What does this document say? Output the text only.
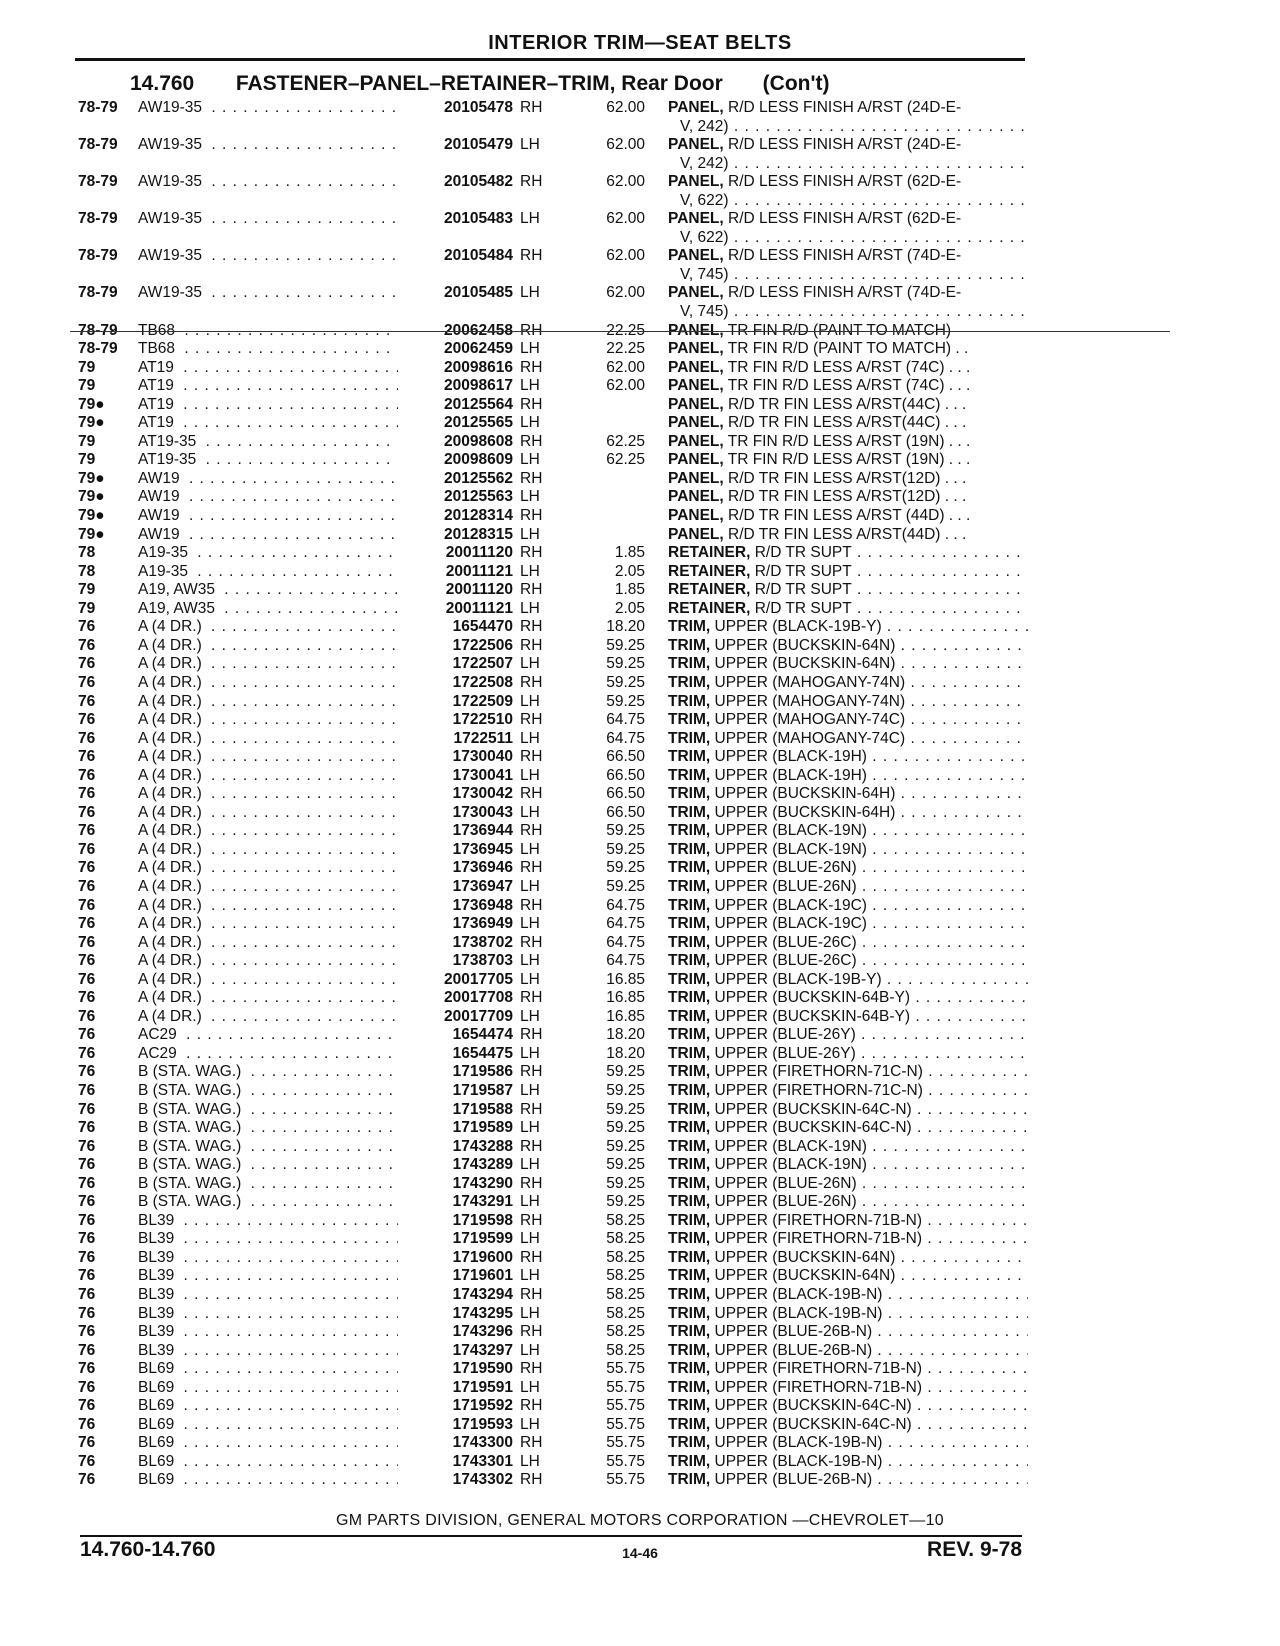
INTERIOR TRIM—SEAT BELTS
14.760 FASTENER–PANEL–RETAINER–TRIM, Rear Door (Con't)
78-79	AW19-35 . . .	20105478 RH	62.00 PANEL, R/D LESS FINISH A/RST (24D-E-
V, 242) . . .
78-79	AW19-35 . . .	20105479 LH	62.00 PANEL, R/D LESS FINISH A/RST (24D-E-
V, 242) . . .
78-79	AW19-35 . . .	20105482 RH	62.00 PANEL, R/D LESS FINISH A/RST (62D-E-
V, 622) . . .
78-79	AW19-35 . . .	20105483 LH	62.00 PANEL, R/D LESS FINISH A/RST (62D-E-
V, 622) . . .
78-79	AW19-35 . . .	20105484 RH	62.00 PANEL, R/D LESS FINISH A/RST (74D-E-
V, 745) . . .
78-79	AW19-35 . . .	20105485 LH	62.00 PANEL, R/D LESS FINISH A/RST (74D-E-
V, 745) . . .
78-79	TB68 . . .	20062458 RH	22.25 PANEL, TR FIN R/D (PAINT TO MATCH)
78-79	TB68 . . .	20062459 LH	22.25 PANEL, TR FIN R/D (PAINT TO MATCH) . .
79	AT19 . . .	20098616 RH	62.00 PANEL, TR FIN R/D LESS A/RST (74C) . . .
79	AT19 . . .	20098617 LH	62.00 PANEL, TR FIN R/D LESS A/RST (74C) . . .
79●	AT19 . . .	20125564 RH	PANEL, R/D TR FIN LESS A/RST(44C) . . .
79●	AT19 . . .	20125565 LH	PANEL, R/D TR FIN LESS A/RST(44C) . . .
79	AT19-35 . . .	20098608 RH	62.25 PANEL, TR FIN R/D LESS A/RST (19N) . . .
79	AT19-35 . . .	20098609 LH	62.25 PANEL, TR FIN R/D LESS A/RST (19N) . . .
79●	AW19 . . .	20125562 RH	PANEL, R/D TR FIN LESS A/RST(12D) . . .
79●	AW19 . . .	20125563 LH	PANEL, R/D TR FIN LESS A/RST(12D) . . .
79●	AW19 . . .	20128314 RH	PANEL, R/D TR FIN LESS A/RST (44D) . . .
79●	AW19 . . .	20128315 LH	PANEL, R/D TR FIN LESS A/RST(44D) . . .
78	A19-35 . . .	20011120 RH	1.85 RETAINER, R/D TR SUPT . . .
78	A19-35 . . .	20011121 LH	2.05 RETAINER, R/D TR SUPT . . .
79	A19, AW35 . . .	20011120 RH	1.85 RETAINER, R/D TR SUPT . . .
79	A19, AW35 . . .	20011121 LH	2.05 RETAINER, R/D TR SUPT . . .
76	A (4 DR.) . . .	1654470 RH	18.20 TRIM, UPPER (BLACK-19B-Y) . . .
76	A (4 DR.) . . .	1722506 RH	59.25 TRIM, UPPER (BUCKSKIN-64N) . . .
76	A (4 DR.) . . .	1722507 LH	59.25 TRIM, UPPER (BUCKSKIN-64N) . . .
76	A (4 DR.) . . .	1722508 RH	59.25 TRIM, UPPER (MAHOGANY-74N) . . .
76	A (4 DR.) . . .	1722509 LH	59.25 TRIM, UPPER (MAHOGANY-74N) . . .
76	A (4 DR.) . . .	1722510 RH	64.75 TRIM, UPPER (MAHOGANY-74C) . . .
76	A (4 DR.) . . .	1722511 LH	64.75 TRIM, UPPER (MAHOGANY-74C) . . .
76	A (4 DR.) . . .	1730040 RH	66.50 TRIM, UPPER (BLACK-19H) . . .
76	A (4 DR.) . . .	1730041 LH	66.50 TRIM, UPPER (BLACK-19H) . . .
76	A (4 DR.) . . .	1730042 RH	66.50 TRIM, UPPER (BUCKSKIN-64H) . . .
76	A (4 DR.) . . .	1730043 LH	66.50 TRIM, UPPER (BUCKSKIN-64H) . . .
76	A (4 DR.) . . .	1736944 RH	59.25 TRIM, UPPER (BLACK-19N) . . .
76	A (4 DR.) . . .	1736945 LH	59.25 TRIM, UPPER (BLACK-19N) . . .
76	A (4 DR.) . . .	1736946 RH	59.25 TRIM, UPPER (BLUE-26N) . . .
76	A (4 DR.) . . .	1736947 LH	59.25 TRIM, UPPER (BLUE-26N) . . .
76	A (4 DR.) . . .	1736948 RH	64.75 TRIM, UPPER (BLACK-19C) . . .
76	A (4 DR.) . . .	1736949 LH	64.75 TRIM, UPPER (BLACK-19C) . . .
76	A (4 DR.) . . .	1738702 RH	64.75 TRIM, UPPER (BLUE-26C) . . .
76	A (4 DR.) . . .	1738703 LH	64.75 TRIM, UPPER (BLUE-26C) . . .
76	A (4 DR.) . . .	20017705 LH	16.85 TRIM, UPPER (BLACK-19B-Y) . . .
76	A (4 DR.) . . .	20017708 RH	16.85 TRIM, UPPER (BUCKSKIN-64B-Y) . . .
76	A (4 DR.) . . .	20017709 LH	16.85 TRIM, UPPER (BUCKSKIN-64B-Y) . . .
76	AC29 . . .	1654474 RH	18.20 TRIM, UPPER (BLUE-26Y) . . .
76	AC29 . . .	1654475 LH	18.20 TRIM, UPPER (BLUE-26Y) . . .
76	B (STA. WAG.) . . .	1719586 RH	59.25 TRIM, UPPER (FIRETHORN-71C-N) . . .
76	B (STA. WAG.) . . .	1719587 LH	59.25 TRIM, UPPER (FIRETHORN-71C-N) . . .
76	B (STA. WAG.) . . .	1719588 RH	59.25 TRIM, UPPER (BUCKSKIN-64C-N) . . .
76	B (STA. WAG.) . . .	1719589 LH	59.25 TRIM, UPPER (BUCKSKIN-64C-N) . . .
76	B (STA. WAG.) . . .	1743288 RH	59.25 TRIM, UPPER (BLACK-19N) . . .
76	B (STA. WAG.) . . .	1743289 LH	59.25 TRIM, UPPER (BLACK-19N) . . .
76	B (STA. WAG.) . . .	1743290 RH	59.25 TRIM, UPPER (BLUE-26N) . . .
76	B (STA. WAG.) . . .	1743291 LH	59.25 TRIM, UPPER (BLUE-26N) . . .
76	BL39 . . .	1719598 RH	58.25 TRIM, UPPER (FIRETHORN-71B-N) . . .
76	BL39 . . .	1719599 LH	58.25 TRIM, UPPER (FIRETHORN-71B-N) . . .
76	BL39 . . .	1719600 RH	58.25 TRIM, UPPER (BUCKSKIN-64N) . . .
76	BL39 . . .	1719601 LH	58.25 TRIM, UPPER (BUCKSKIN-64N) . . .
76	BL39 . . .	1743294 RH	58.25 TRIM, UPPER (BLACK-19B-N) . . .
76	BL39 . . .	1743295 LH	58.25 TRIM, UPPER (BLACK-19B-N) . . .
76	BL39 . . .	1743296 RH	58.25 TRIM, UPPER (BLUE-26B-N) . . .
76	BL39 . . .	1743297 LH	58.25 TRIM, UPPER (BLUE-26B-N) . . .
76	BL69 . . .	1719590 RH	55.75 TRIM, UPPER (FIRETHORN-71B-N) . . .
76	BL69 . . .	1719591 LH	55.75 TRIM, UPPER (FIRETHORN-71B-N) . . .
76	BL69 . . .	1719592 RH	55.75 TRIM, UPPER (BUCKSKIN-64C-N) . . .
76	BL69 . . .	1719593 LH	55.75 TRIM, UPPER (BUCKSKIN-64C-N) . . .
76	BL69 . . .	1743300 RH	55.75 TRIM, UPPER (BLACK-19B-N) . . .
76	BL69 . . .	1743301 LH	55.75 TRIM, UPPER (BLACK-19B-N) . . .
76	BL69 . . .	1743302 RH	55.75 TRIM, UPPER (BLUE-26B-N) . . .
GM PARTS DIVISION, GENERAL MOTORS CORPORATION —CHEVROLET—10
14.760-14.760	14-46	REV. 9-78
